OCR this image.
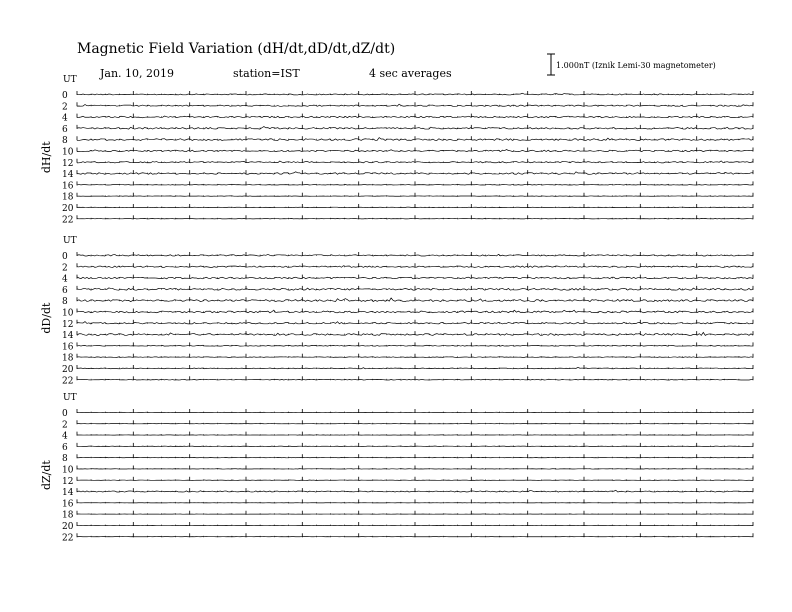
Magnetic Field Variation (dH/dt,dD/dt,dZ/dt)
Jan. 10, 2019	station=IST	4 sec averages
1.000nT (Iznik Lemi-30 magnetometer)
UT
dH/dt
0
2
4
6
8
10
12
14
16
18
20
22
UT
dD/dt
0
2
4
6
8
10
12
14
16
18
20
22
UT
dZ/dt
0
2
4
6
8
10
12
14
16
18
20
22
